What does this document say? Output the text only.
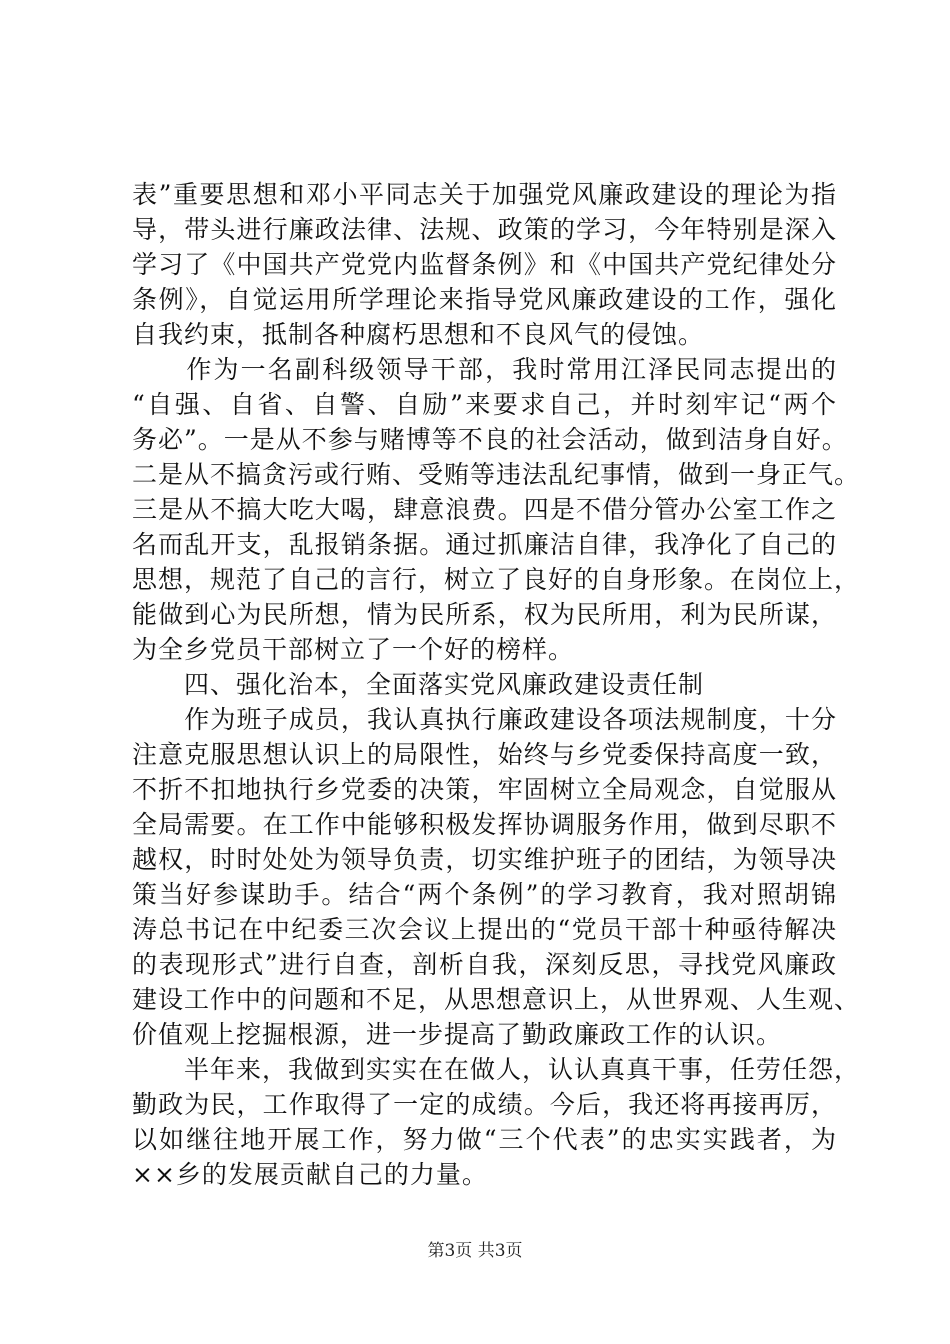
表”重要思想和邓小平同志关于加强党风廉政建设的理论为指
导，带头进行廉政法律、法规、政策的学习，今年特别是深入
学习了《中国共产党党内监督条例》和《中国共产党纪律处分
条例》，自觉运用所学理论来指导党风廉政建设的工作，强化
自我约束，抵制各种腐朽思想和不良风气的侵蚀。
　　作为一名副科级领导干部，我时常用江泽民同志提出的
“自强、自省、自警、自励”来要求自己，并时刻牢记“两个
务必”。一是从不参与赌博等不良的社会活动，做到洁身自好。
二是从不搞贪污或行贿、受贿等违法乱纪事情，做到一身正气。
三是从不搞大吃大喝，肆意浪费。四是不借分管办公室工作之
名而乱开支，乱报销条据。通过抓廉洁自律，我净化了自己的
思想，规范了自己的言行，树立了良好的自身形象。在岗位上，
能做到心为民所想，情为民所系，权为民所用，利为民所谋，
为全乡党员干部树立了一个好的榜样。
　　四、强化治本，全面落实党风廉政建设责任制
　　作为班子成员，我认真执行廉政建设各项法规制度，十分
注意克服思想认识上的局限性，始终与乡党委保持高度一致，
不折不扣地执行乡党委的决策，牢固树立全局观念，自觉服从
全局需要。在工作中能够积极发挥协调服务作用，做到尽职不
越权，时时处处为领导负责，切实维护班子的团结，为领导决
策当好参谋助手。结合“两个条例”的学习教育，我对照胡锦
涛总书记在中纪委三次会议上提出的“党员干部十种亟待解决
的表现形式”进行自查，剖析自我，深刻反思，寻找党风廉政
建设工作中的问题和不足，从思想意识上，从世界观、人生观、
价值观上挖掘根源，进一步提高了勤政廉政工作的认识。
　　半年来，我做到实实在在做人，认认真真干事，任劳任怨，
勤政为民，工作取得了一定的成绩。今后，我还将再接再厉，
以如继往地开展工作，努力做“三个代表”的忠实实践者，为
××乡的发展贡献自己的力量。
第3页 共3页
